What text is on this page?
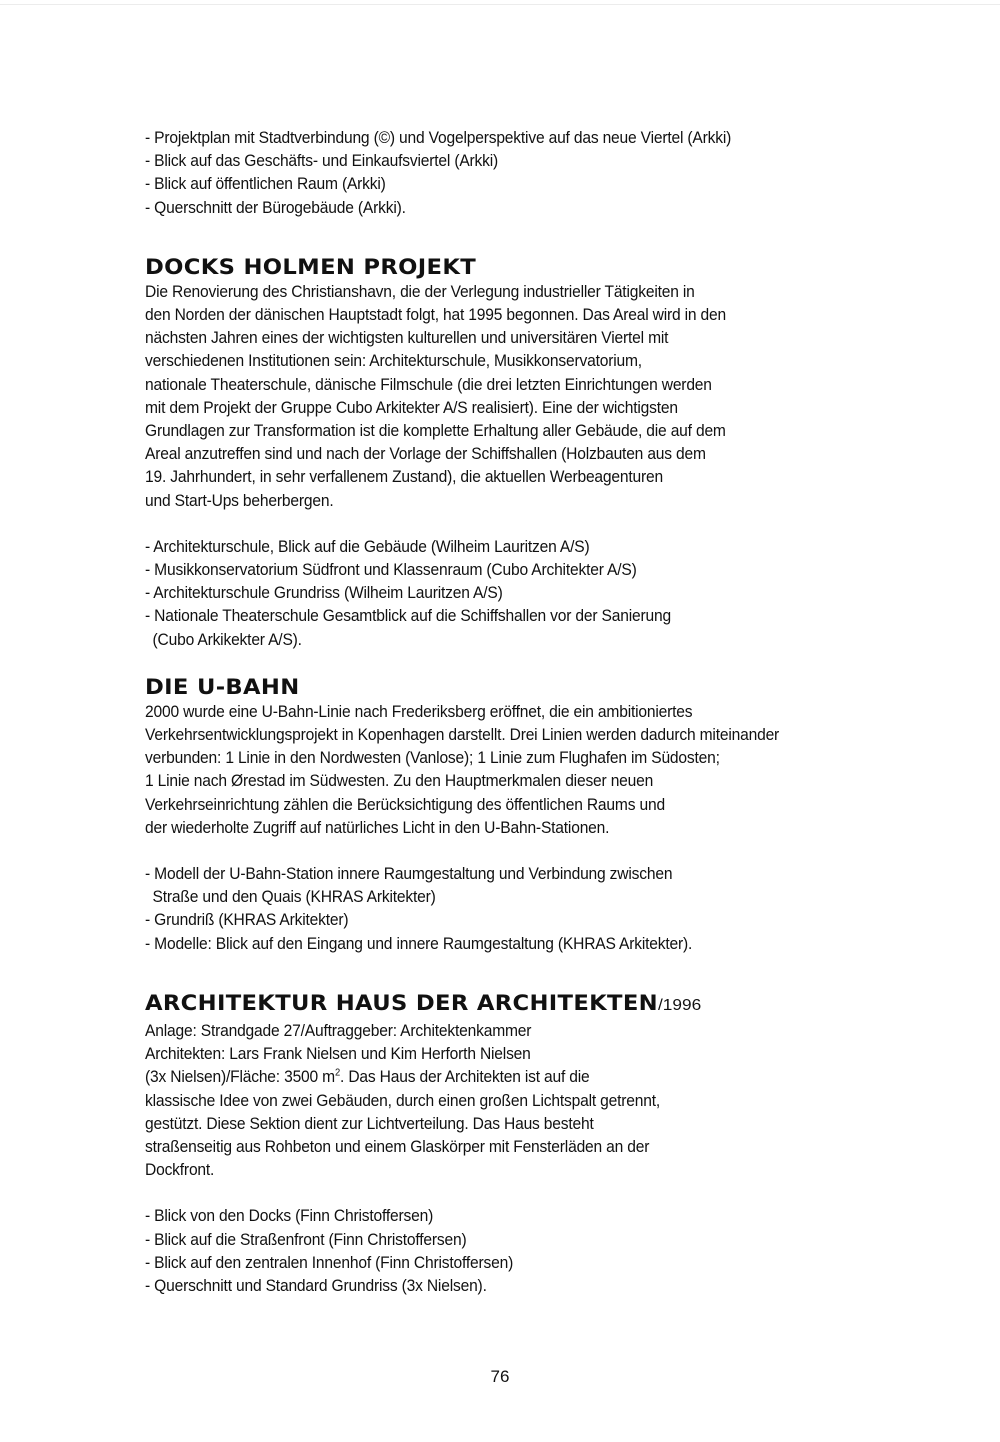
- Projektplan mit Stadtverbindung (©) und Vogelperspektive auf das neue Viertel (Arkki)
- Blick auf das Geschäfts- und Einkaufsviertel (Arkki)
- Blick auf öffentlichen Raum (Arkki)
- Querschnitt der Bürogebäude (Arkki).
DOCKS HOLMEN PROJEKT
Die Renovierung des Christianshavn, die der Verlegung industrieller Tätigkeiten in
den Norden der dänischen Hauptstadt folgt, hat 1995 begonnen. Das Areal wird in den
nächsten Jahren eines der wichtigsten kulturellen und universitären Viertel mit
verschiedenen Institutionen sein: Architekturschule, Musikkonservatorium,
nationale Theaterschule, dänische Filmschule (die drei letzten Einrichtungen werden
mit dem Projekt der Gruppe Cubo Arkitekter A/S realisiert). Eine der wichtigsten
Grundlagen zur Transformation ist die komplette Erhaltung aller Gebäude, die auf dem
Areal anzutreffen sind und nach der Vorlage der Schiffshallen (Holzbauten aus dem
19. Jahrhundert, in sehr verfallenem Zustand), die aktuellen Werbeagenturen
und Start-Ups beherbergen.
- Architekturschule, Blick auf die Gebäude (Wilheim Lauritzen A/S)
- Musikkonservatorium Südfront und Klassenraum (Cubo Architekter A/S)
- Architekturschule Grundriss (Wilheim Lauritzen A/S)
- Nationale Theaterschule Gesamtblick auf die Schiffshallen vor der Sanierung
(Cubo Arkikekter A/S).
DIE U-BAHN
2000 wurde eine U-Bahn-Linie nach Frederiksberg eröffnet, die ein ambitioniertes
Verkehrsentwicklungsprojekt in Kopenhagen darstellt. Drei Linien werden dadurch miteinander
verbunden: 1 Linie in den Nordwesten (Vanlose); 1 Linie zum Flughafen im Südosten;
1 Linie nach Ørestad im Südwesten. Zu den Hauptmerkmalen dieser neuen
Verkehrseinrichtung zählen die Berücksichtigung des öffentlichen Raums und
der wiederholte Zugriff auf natürliches Licht in den U-Bahn-Stationen.
- Modell der U-Bahn-Station innere Raumgestaltung und Verbindung zwischen
Straße und den Quais (KHRAS Arkitekter)
- Grundriß (KHRAS Arkitekter)
- Modelle: Blick auf den Eingang und innere Raumgestaltung (KHRAS Arkitekter).
ARCHITEKTUR HAUS DER ARCHITEKTEN/1996
Anlage: Strandgade 27/Auftraggeber: Architektenkammer
Architekten: Lars Frank Nielsen und Kim Herforth Nielsen
(3x Nielsen)/Fläche: 3500 $m^2$. Das Haus der Architekten ist auf die
klassische Idee von zwei Gebäuden, durch einen großen Lichtspalt getrennt,
gestützt. Diese Sektion dient zur Lichtverteilung. Das Haus besteht
straßenseitig aus Rohbeton und einem Glaskörper mit Fensterläden an der
Dockfront.
- Blick von den Docks (Finn Christoffersen)
- Blick auf die Straßenfront (Finn Christoffersen)
- Blick auf den zentralen Innenhof (Finn Christoffersen)
- Querschnitt und Standard Grundriss (3x Nielsen).
76
